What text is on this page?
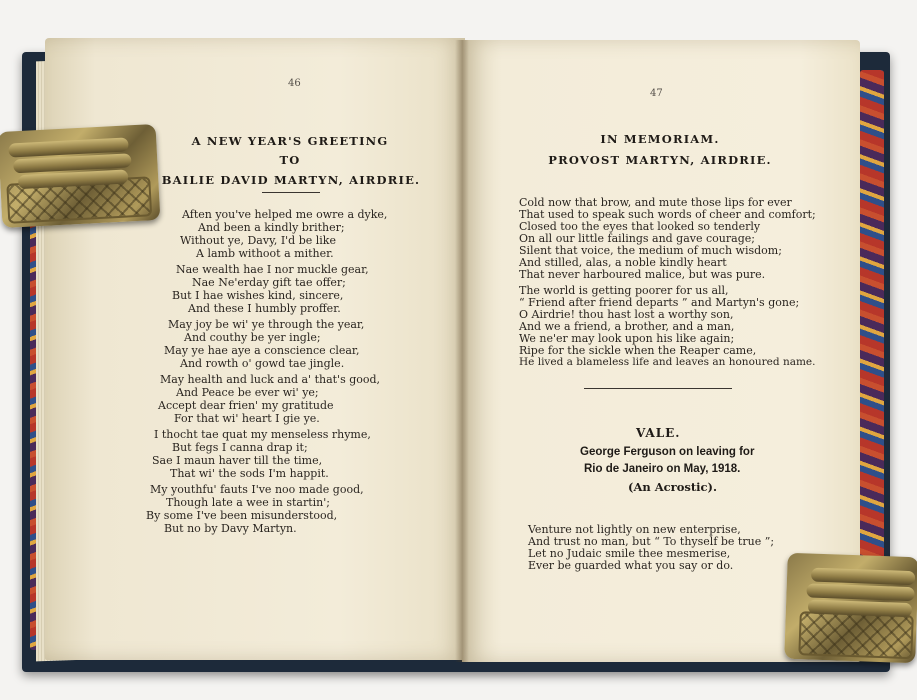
46
A NEW YEAR'S GREETING
TO
BAILIE DAVID MARTYN, AIRDRIE.
Aften you've helped me owre a dyke,
And been a kindly brither;
Without ye, Davy, I'd be like
A lamb withoot a mither.
Nae wealth hae I nor muckle gear,
Nae Ne'erday gift tae offer;
But I hae wishes kind, sincere,
And these I humbly proffer.
May joy be wi' ye through the year,
And couthy be yer ingle;
May ye hae aye a conscience clear,
And rowth o' gowd tae jingle.
May health and luck and a' that's good,
And Peace be ever wi' ye;
Accept dear frien' my gratitude
For that wi' heart I gie ye.
I thocht tae quat my menseless rhyme,
But fegs I canna drap it;
Sae I maun haver till the time,
That wi' the sods I'm happit.
My youthfu' fauts I've noo made good,
Though late a wee in startin';
By some I've been misunderstood,
But no by Davy Martyn.
47
IN MEMORIAM.
PROVOST MARTYN, AIRDRIE.
Cold now that brow, and mute those lips for ever
That used to speak such words of cheer and comfort;
Closed too the eyes that looked so tenderly
On all our little failings and gave courage;
Silent that voice, the medium of much wisdom;
And stilled, alas, a noble kindly heart
That never harboured malice, but was pure.
The world is getting poorer for us all,
“ Friend after friend departs ” and Martyn's gone;
O Airdrie! thou hast lost a worthy son,
And we a friend, a brother, and a man,
We ne'er may look upon his like again;
Ripe for the sickle when the Reaper came,
He lived a blameless life and leaves an honoured name.
VALE.
George Ferguson on leaving for
Rio de Janeiro on May, 1918.
(An Acrostic).
Venture not lightly on new enterprise,
And trust no man, but “ To thyself be true ”;
Let no Judaic smile thee mesmerise,
Ever be guarded what you say or do.
